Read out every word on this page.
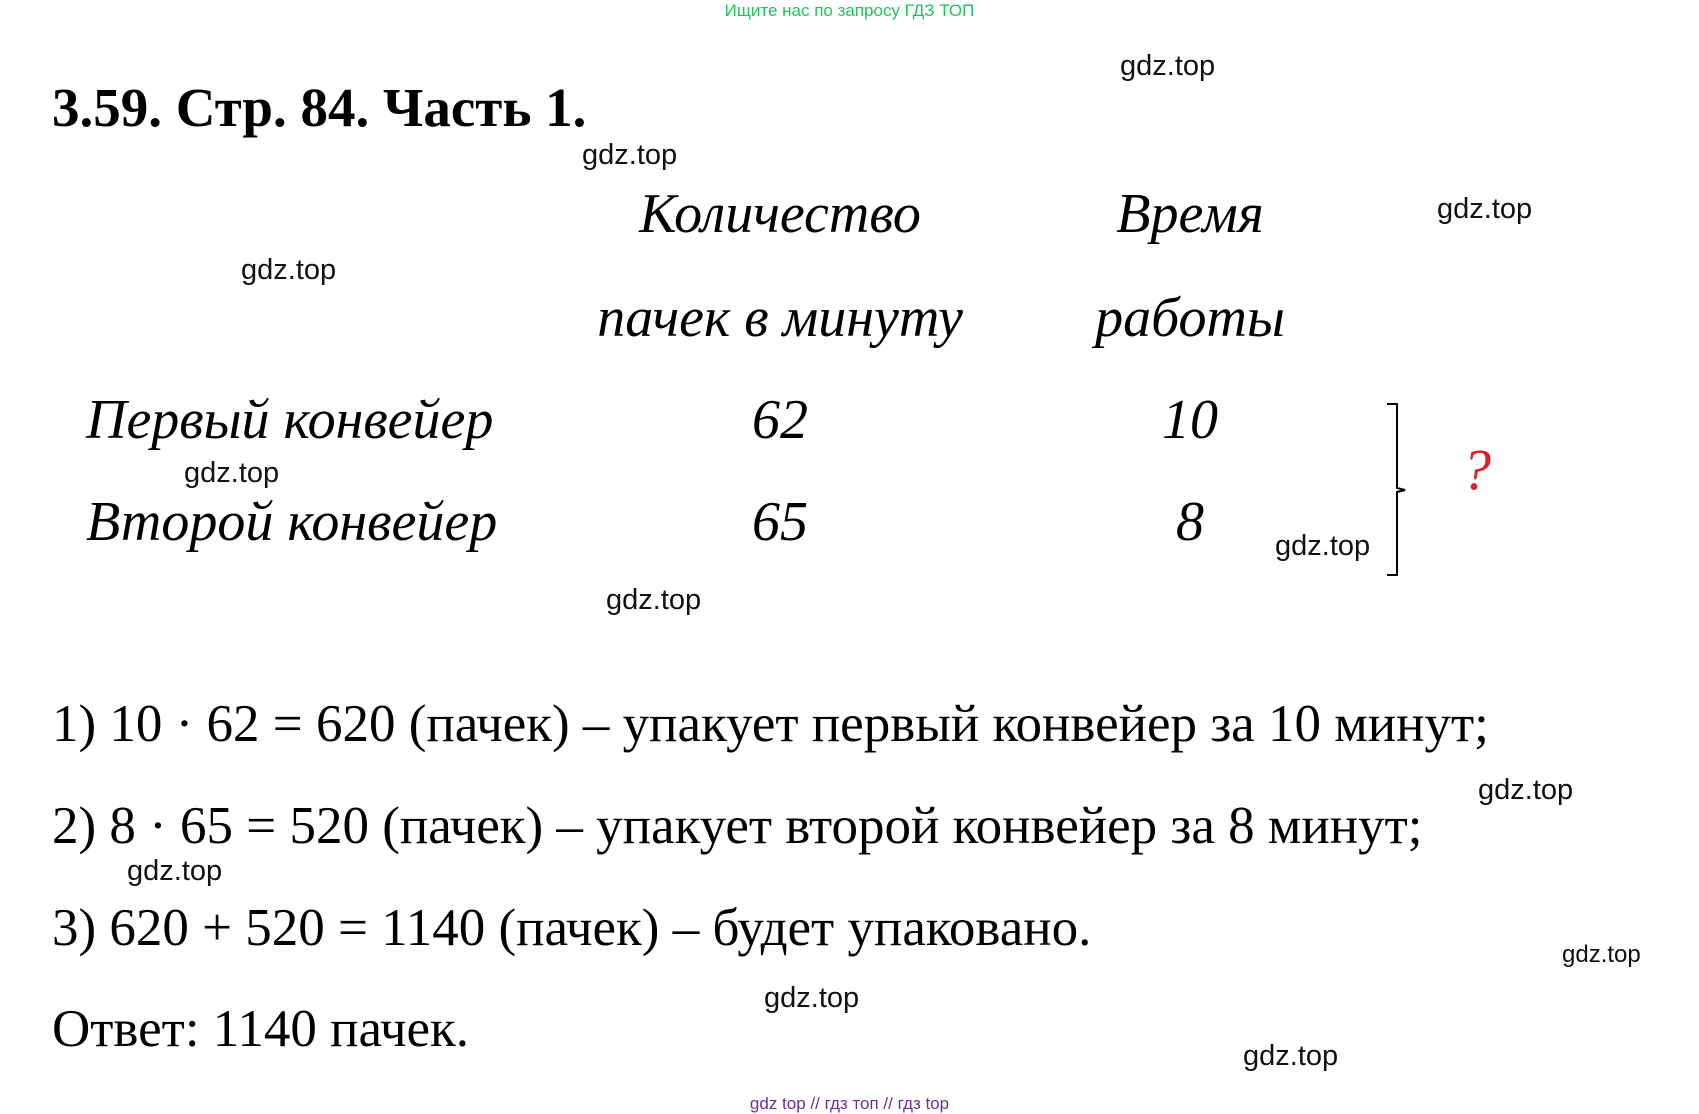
Ищите нас по запросу ГДЗ ТОП
3.59. Стр. 84. Часть 1.
Количество
пачек в минуту
Время
работы
Первый конвейер	62	10
Второй конвейер	65	8
?
1) 10 · 62 = 620 (пачек) – упакует первый конвейер за 10 минут;
2) 8 · 65 = 520 (пачек) – упакует второй конвейер за 8 минут;
3) 620 + 520 = 1140 (пачек) – будет упаковано.
Ответ: 1140 пачек.
gdz.top
gdz.top
gdz.top
gdz.top
gdz.top
gdz.top
gdz.top
gdz.top
gdz.top
gdz.top
gdz.top
gdz.top
gdz top // гдз топ // гдз top
